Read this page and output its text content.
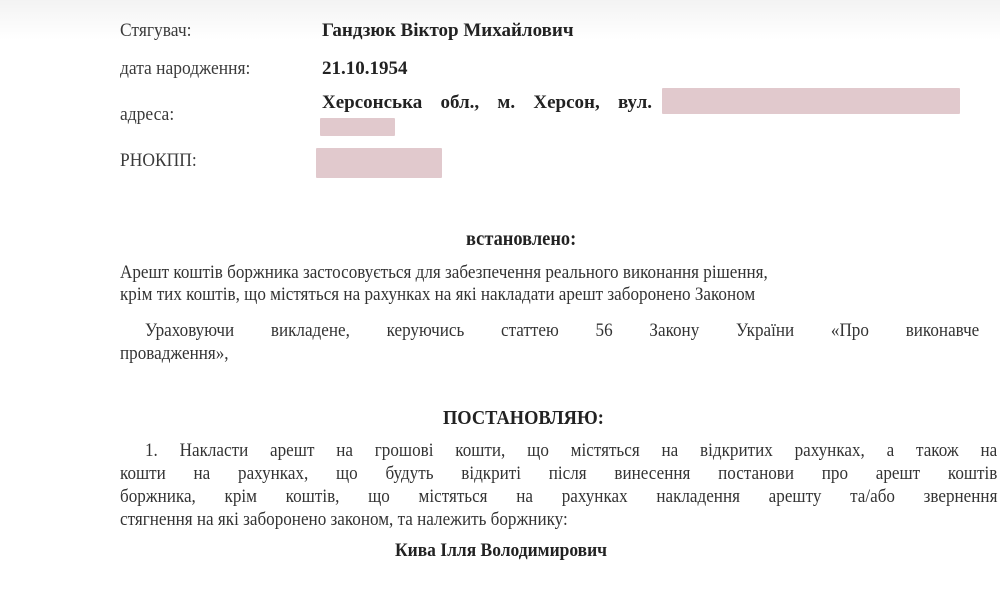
Стягувач:	Гандзюк Віктор Михайлович
дата народження:	21.10.1954
адреса:
Херсонська обл., м. Херсон, вул.
РНОКПП:
встановлено:
Арешт коштів боржника застосовується для забезпечення реального виконання рішення,
крім тих коштів, що містяться на рахунках на які накладати арешт заборонено Законом
Ураховуючи викладене, керуючись статтею 56 Закону України «Про виконавче
провадження»,
ПОСТАНОВЛЯЮ:
1. Накласти арешт на грошові кошти, що містяться на відкритих рахунках, а також на
кошти на рахунках, що будуть відкриті після винесення постанови про арешт коштів
боржника, крім коштів, що містяться на рахунках накладення арешту та/або звернення
стягнення на які заборонено законом, та належить боржнику:
Кива Ілля Володимирович
